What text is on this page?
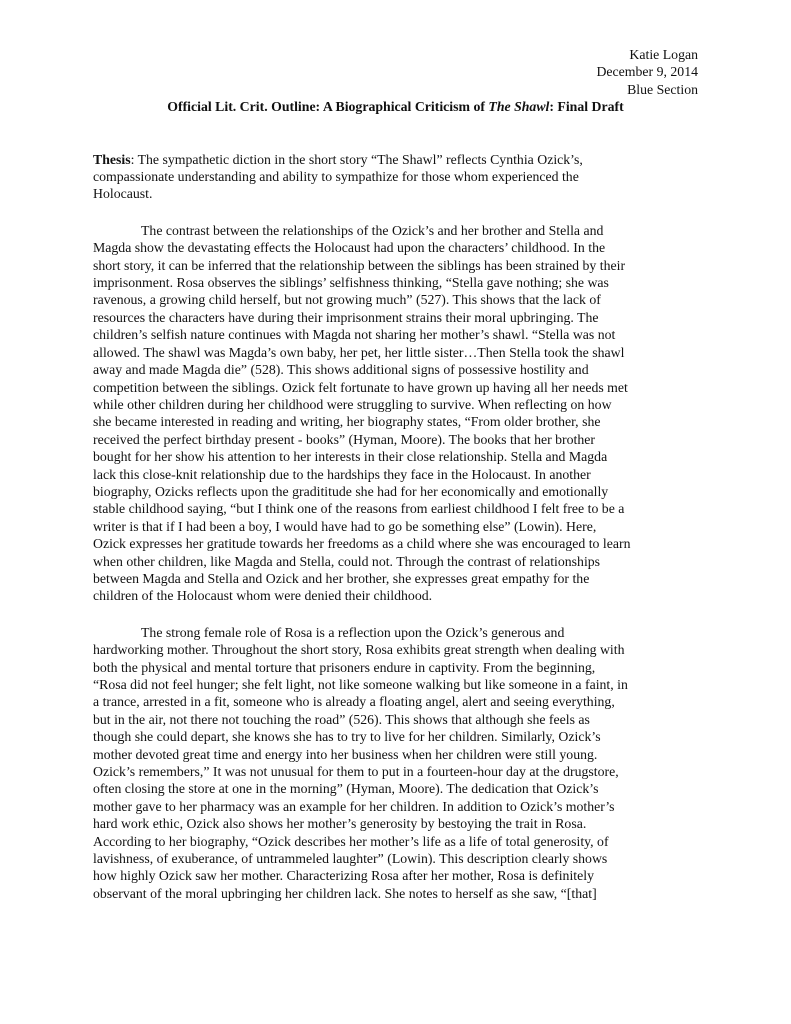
Katie Logan
December 9, 2014
Blue Section
Official Lit. Crit. Outline: A Biographical Criticism of The Shawl: Final Draft

Thesis: The sympathetic diction in the short story “The Shawl” reflects Cynthia Ozick’s,
compassionate understanding and ability to sympathize for those whom experienced the
Holocaust.

The contrast between the relationships of the Ozick’s and her brother and Stella and
Magda show the devastating effects the Holocaust had upon the characters’ childhood. In the
short story, it can be inferred that the relationship between the siblings has been strained by their
imprisonment. Rosa observes the siblings’ selfishness thinking, “Stella gave nothing; she was
ravenous, a growing child herself, but not growing much” (527). This shows that the lack of
resources the characters have during their imprisonment strains their moral upbringing. The
children’s selfish nature continues with Magda not sharing her mother’s shawl. “Stella was not
allowed. The shawl was Magda’s own baby, her pet, her little sister…Then Stella took the shawl
away and made Magda die” (528). This shows additional signs of possessive hostility and
competition between the siblings. Ozick felt fortunate to have grown up having all her needs met
while other children during her childhood were struggling to survive. When reflecting on how
she became interested in reading and writing, her biography states, “From older brother, she
received the perfect birthday present - books” (Hyman, Moore). The books that her brother
bought for her show his attention to her interests in their close relationship. Stella and Magda
lack this close-knit relationship due to the hardships they face in the Holocaust. In another
biography, Ozicks reflects upon the gradititude she had for her economically and emotionally
stable childhood saying, “but I think one of the reasons from earliest childhood I felt free to be a
writer is that if I had been a boy, I would have had to go be something else” (Lowin). Here,
Ozick expresses her gratitude towards her freedoms as a child where she was encouraged to learn
when other children, like Magda and Stella, could not. Through the contrast of relationships
between Magda and Stella and Ozick and her brother, she expresses great empathy for the
children of the Holocaust whom were denied their childhood.

The strong female role of Rosa is a reflection upon the Ozick’s generous and
hardworking mother. Throughout the short story, Rosa exhibits great strength when dealing with
both the physical and mental torture that prisoners endure in captivity. From the beginning,
“Rosa did not feel hunger; she felt light, not like someone walking but like someone in a faint, in
a trance, arrested in a fit, someone who is already a floating angel, alert and seeing everything,
but in the air, not there not touching the road” (526). This shows that although she feels as
though she could depart, she knows she has to try to live for her children. Similarly, Ozick’s
mother devoted great time and energy into her business when her children were still young.
Ozick’s remembers,” It was not unusual for them to put in a fourteen-hour day at the drugstore,
often closing the store at one in the morning” (Hyman, Moore). The dedication that Ozick’s
mother gave to her pharmacy was an example for her children. In addition to Ozick’s mother’s
hard work ethic, Ozick also shows her mother’s generosity by bestoying the trait in Rosa.
According to her biography, “Ozick describes her mother’s life as a life of total generosity, of
lavishness, of exuberance, of untrammeled laughter” (Lowin). This description clearly shows
how highly Ozick saw her mother. Characterizing Rosa after her mother, Rosa is definitely
observant of the moral upbringing her children lack. She notes to herself as she saw, “[that]
